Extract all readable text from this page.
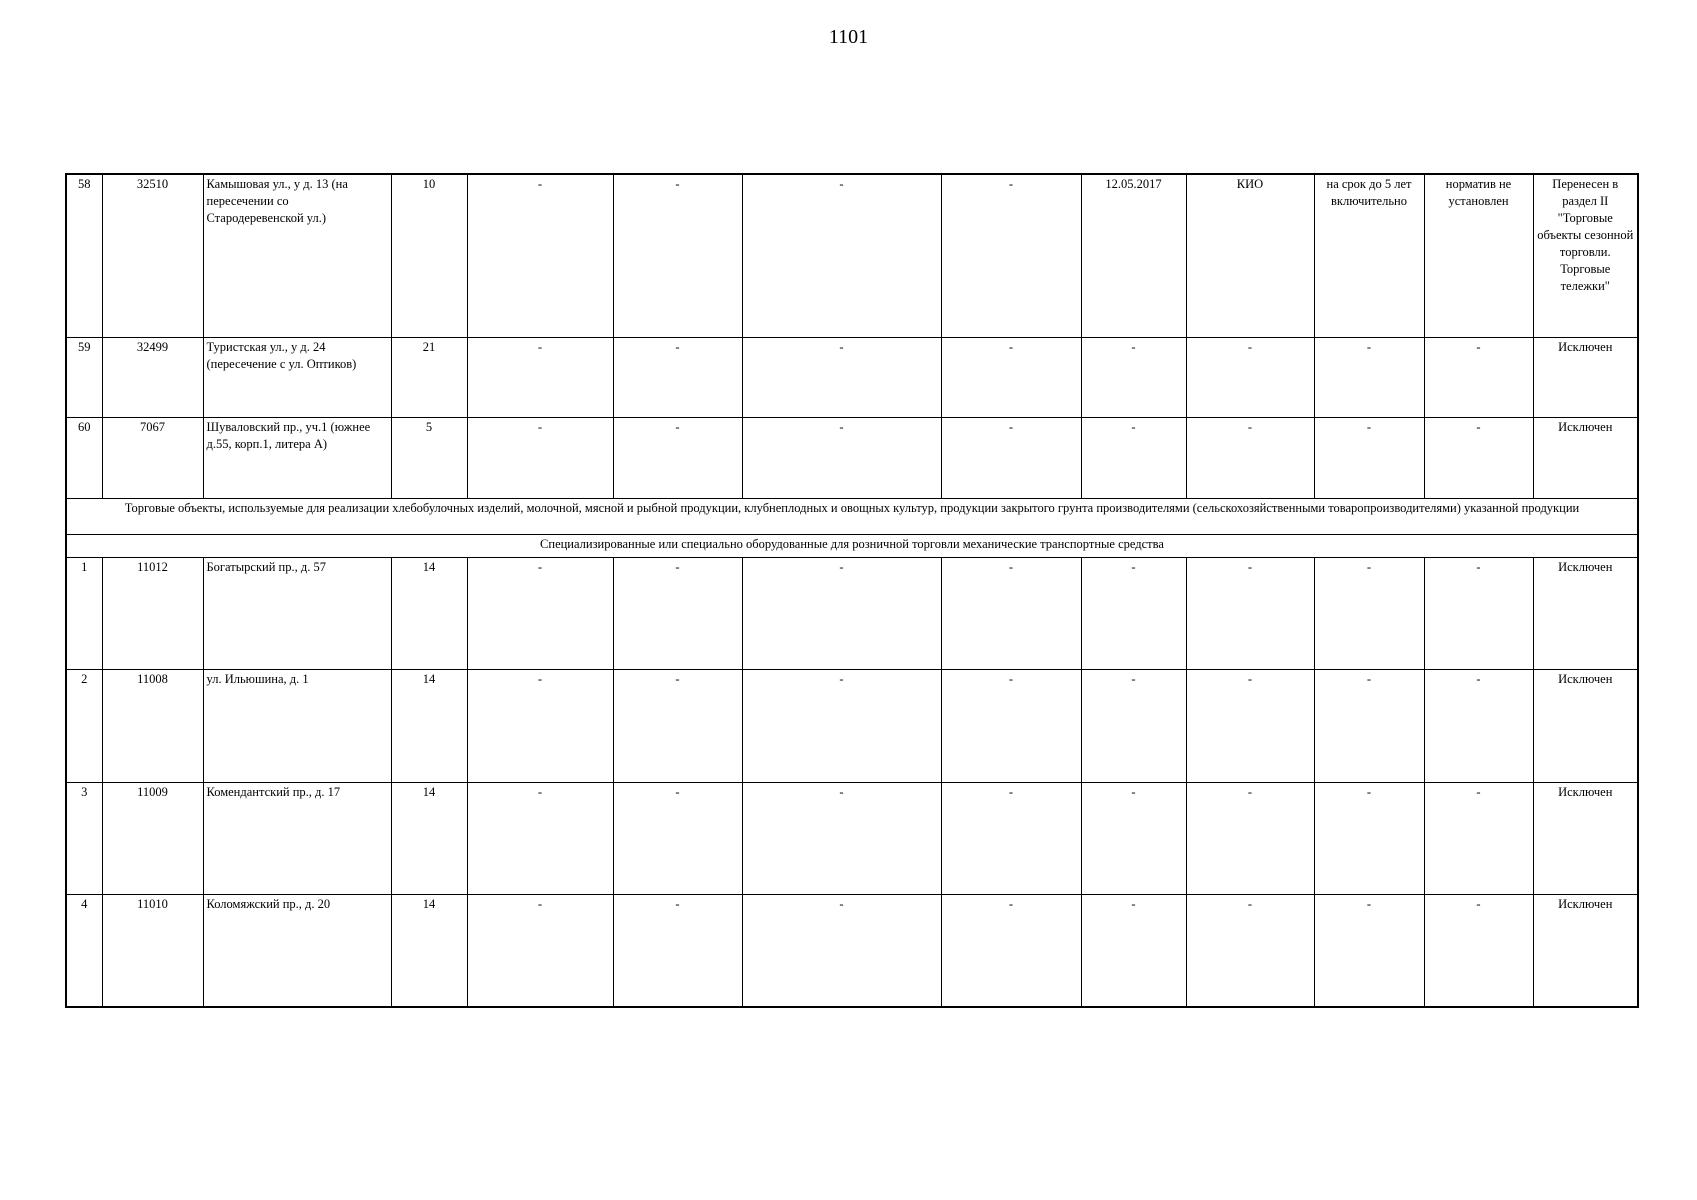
1101
58	32510	Камышовая ул., у д. 13 (на пересечении со Стародеревенской ул.)	10	-	-	-	-	12.05.2017	КИО	на срок до 5 лет включительно	норматив не установлен	Перенесен в раздел II "Торговые объекты сезонной торговли. Торговые тележки"
59	32499	Туристская ул., у д. 24 (пересечение с ул. Оптиков)	21	-	-	-	-	-	-	-	-	Исключен
60	7067	Шуваловский пр., уч.1 (южнее д.55, корп.1, литера А)	5	-	-	-	-	-	-	-	-	Исключен
Торговые объекты, используемые для реализации хлебобулочных изделий, молочной, мясной и рыбной продукции, клубнеплодных и овощных культур, продукции закрытого грунта производителями (сельскохозяйственными товаропроизводителями) указанной продукции												
Специализированные или специально оборудованные для розничной торговли механические транспортные средства												
1	11012	Богатырский пр., д. 57	14	-	-	-	-	-	-	-	-	Исключен
2	11008	ул. Ильюшина, д. 1	14	-	-	-	-	-	-	-	-	Исключен
3	11009	Комендантский пр., д. 17	14	-	-	-	-	-	-	-	-	Исключен
4	11010	Коломяжский пр., д. 20	14	-	-	-	-	-	-	-	-	Исключен
